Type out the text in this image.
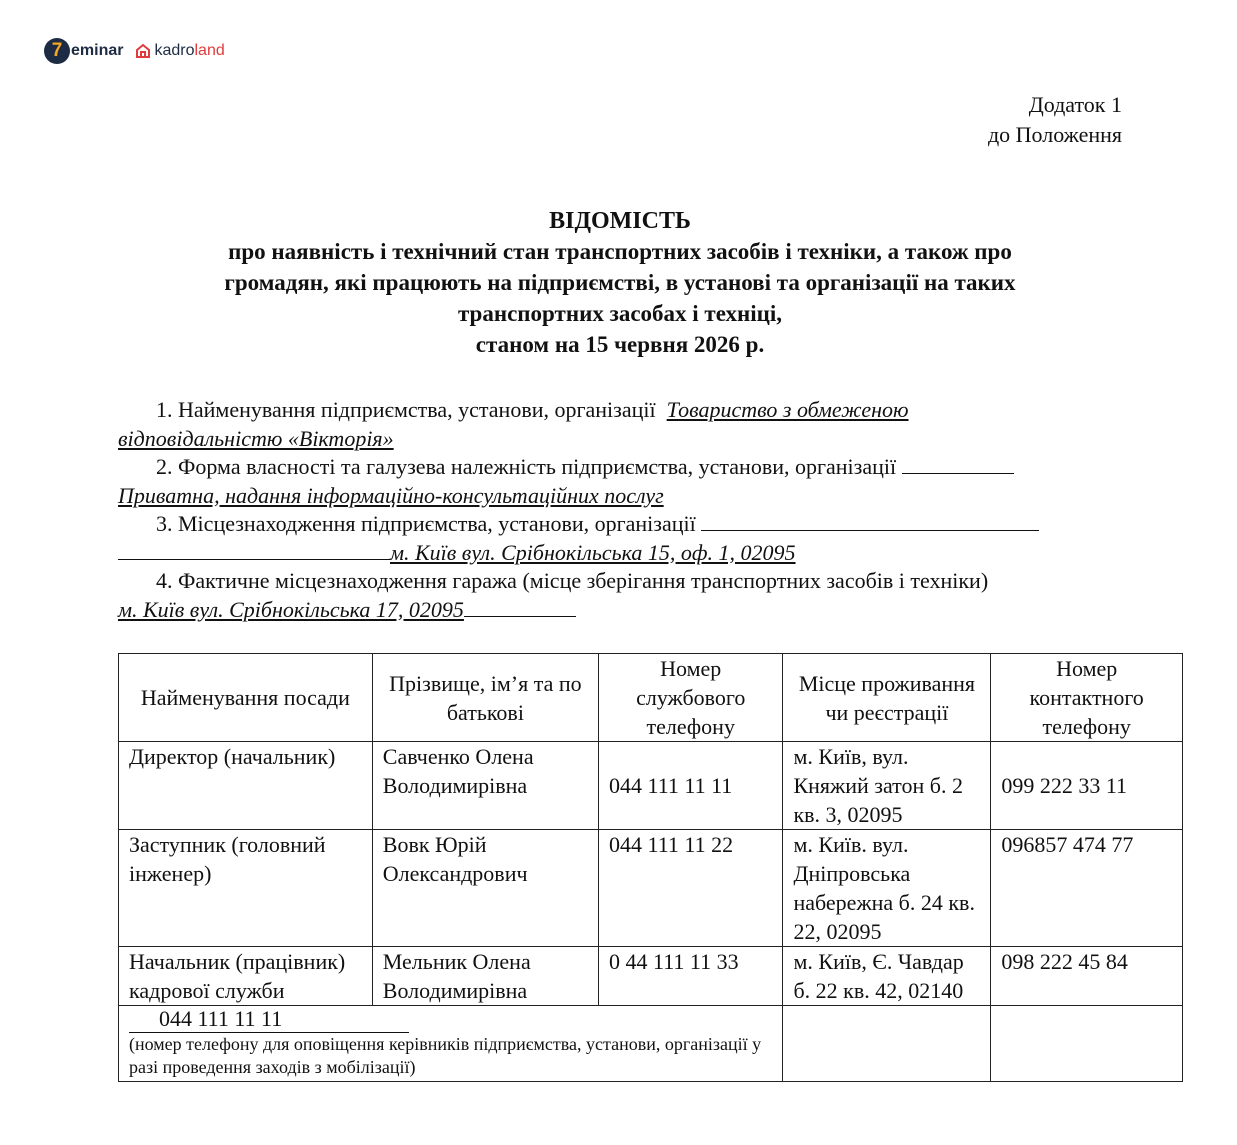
7 eminar kadroland
Додаток 1
до Положення
ВІДОМІСТЬ
про наявність і технічний стан транспортних засобів і техніки, а також про
громадян, які працюють на підприємстві, в установі та організації на таких
транспортних засобах і техніці,
станом на 15 червня 2026 р.
1. Найменування підприємства, установи, організації Товариство з обмеженою
відповідальністю «Вікторія»
2. Форма власності та галузева належність підприємства, установи, організації
Приватна, надання інформаційно-консультаційних послуг
3. Місцезнаходження підприємства, установи, організації
м. Київ вул. Срібнокільська 15, оф. 1, 02095
4. Фактичне місцезнаходження гаража (місце зберігання транспортних засобів і техніки)
м. Київ вул. Срібнокільська 17, 02095
Найменування посади	Прізвище, ім’я та по батькові	Номер службового телефону	Місце проживання чи реєстрації	Номер контактного телефону
Директор (начальник)	Савченко Олена Володимирівна	044 111 11 11	м. Київ, вул. Княжий затон б. 2 кв. 3, 02095	099 222 33 11
Заступник (головний інженер)	Вовк Юрій Олександрович	044 111 11 22	м. Київ. вул. Дніпровська набережна б. 24 кв. 22, 02095	096857 474 77
Начальник (працівник) кадрової служби	Мельник Олена Володимирівна	0 44 111 11 33	м. Київ, Є. Чавдар б. 22 кв. 42, 02140	098 222 45 84

044 111 11 11
(номер телефону для оповіщення керівників підприємства, установи, організації у разі проведення заходів з мобілізації)				
